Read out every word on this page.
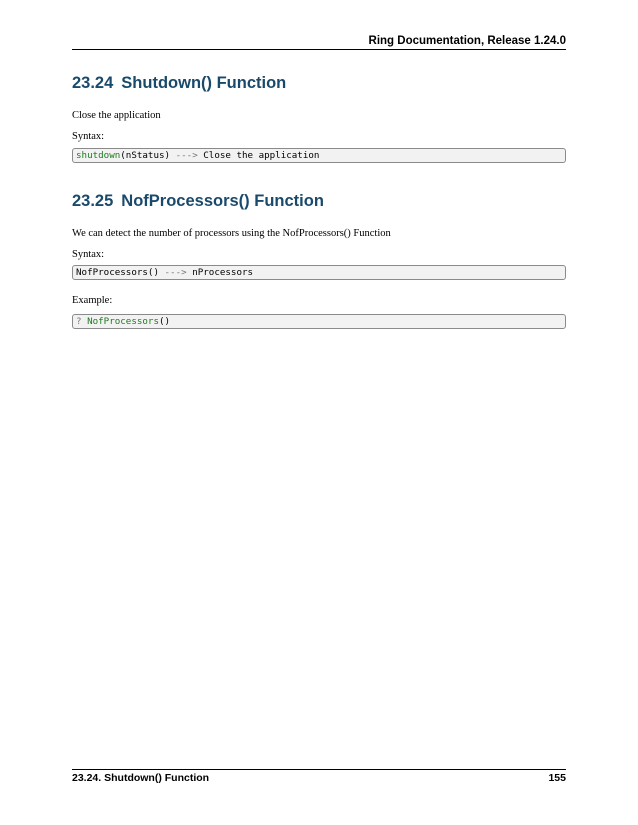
Ring Documentation, Release 1.24.0
23.24 Shutdown() Function
Close the application
Syntax:
shutdown(nStatus) ---> Close the application
23.25 NofProcessors() Function
We can detect the number of processors using the NofProcessors() Function
Syntax:
NofProcessors() ---> nProcessors
Example:
? NofProcessors()
23.24. Shutdown() Function	155
